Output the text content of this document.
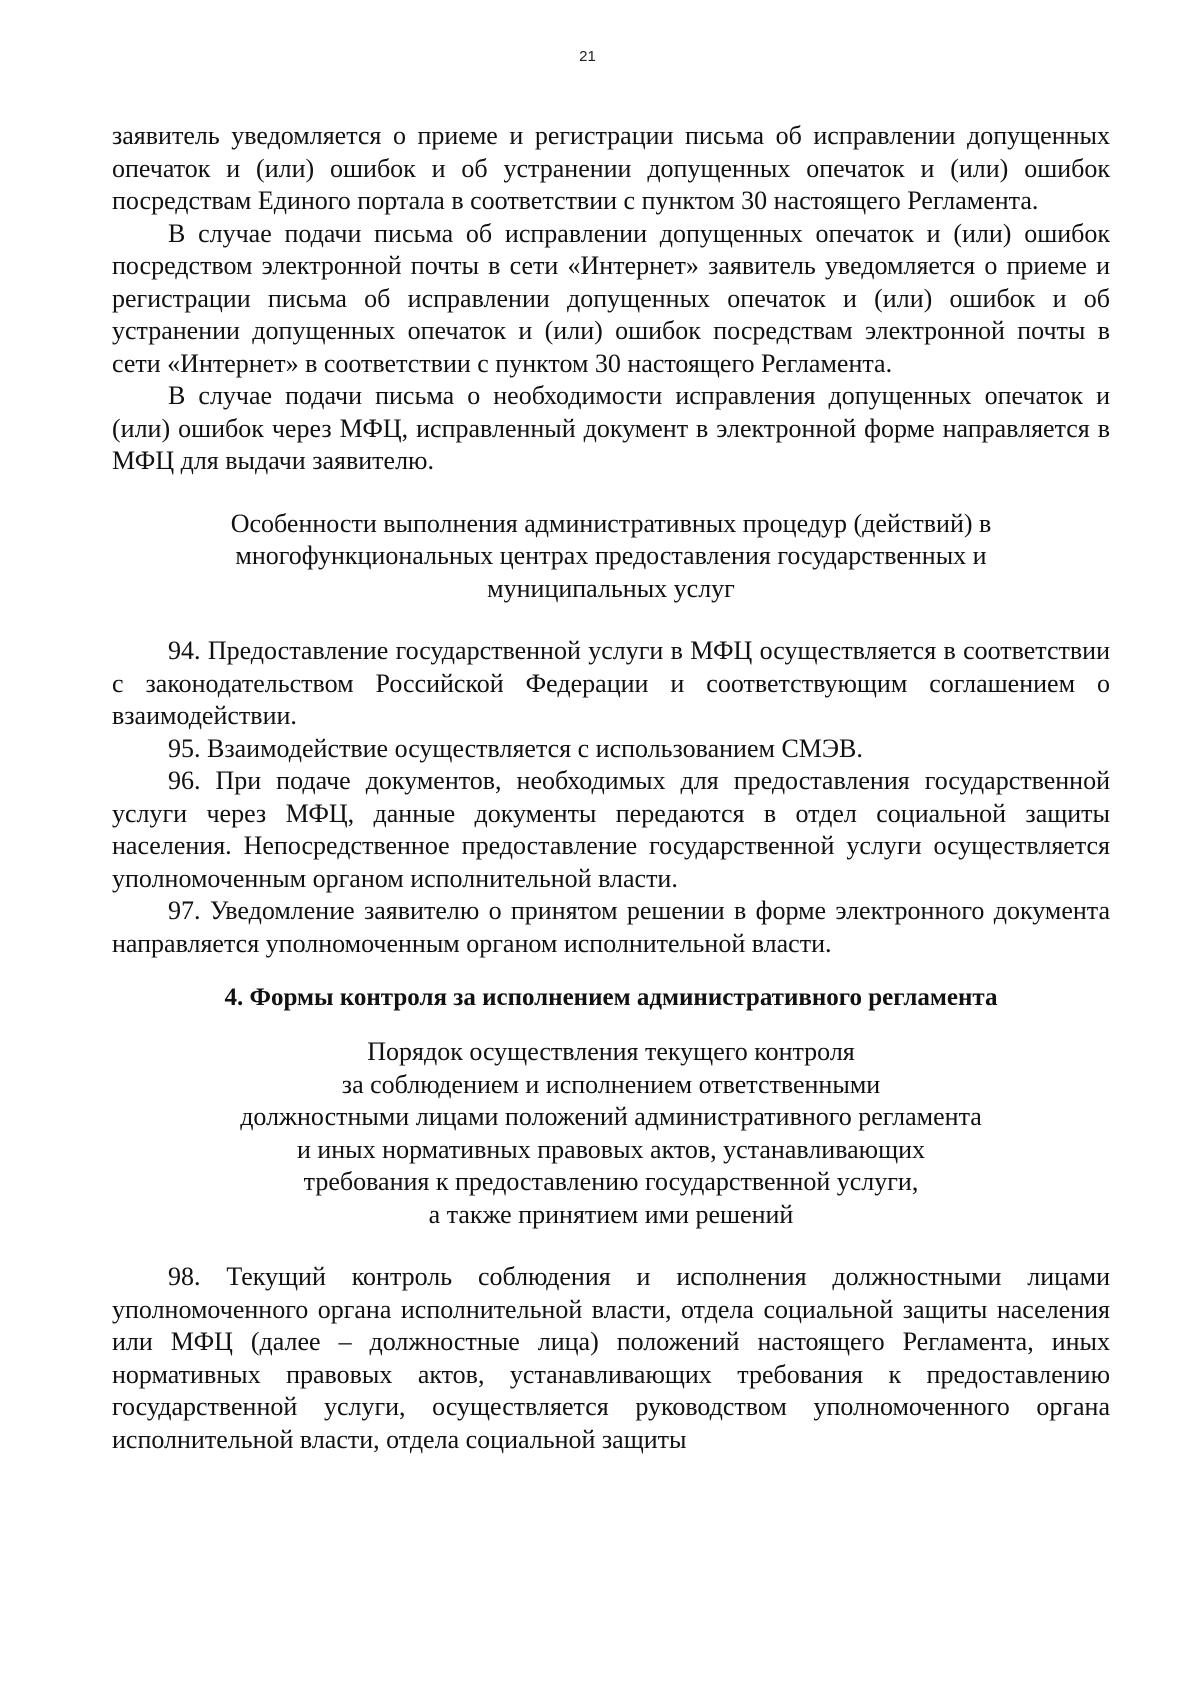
21

заявитель уведомляется о приеме и регистрации письма об исправлении допущенных опечаток и (или) ошибок и об устранении допущенных опечаток и (или) ошибок посредствам Единого портала в соответствии с пунктом 30 настоящего Регламента.

В случае подачи письма об исправлении допущенных опечаток и (или) ошибок посредством электронной почты в сети «Интернет» заявитель уведомляется о приеме и регистрации письма об исправлении допущенных опечаток и (или) ошибок и об устранении допущенных опечаток и (или) ошибок посредствам электронной почты в сети «Интернет» в соответствии с пунктом 30 настоящего Регламента.

В случае подачи письма о необходимости исправления допущенных опечаток и (или) ошибок через МФЦ, исправленный документ в электронной форме направляется в МФЦ для выдачи заявителю.

Особенности выполнения административных процедур (действий) в
многофункциональных центрах предоставления государственных и
муниципальных услуг

94. Предоставление государственной услуги в МФЦ осуществляется в соответствии с законодательством Российской Федерации и соответствующим соглашением о взаимодействии.

95. Взаимодействие осуществляется с использованием СМЭВ.

96. При подаче документов, необходимых для предоставления государственной услуги через МФЦ, данные документы передаются в отдел социальной защиты населения. Непосредственное предоставление государственной услуги осуществляется уполномоченным органом исполнительной власти.

97. Уведомление заявителю о принятом решении в форме электронного документа направляется уполномоченным органом исполнительной власти.

4. Формы контроля за исполнением административного регламента
Порядок осуществления текущего контроля
за соблюдением и исполнением ответственными
должностными лицами положений административного регламента
и иных нормативных правовых актов, устанавливающих
требования к предоставлению государственной услуги,
а также принятием ими решений

98. Текущий контроль соблюдения и исполнения должностными лицами уполномоченного органа исполнительной власти, отдела социальной защиты населения или МФЦ (далее – должностные лица) положений настоящего Регламента, иных нормативных правовых актов, устанавливающих требования к предоставлению государственной услуги, осуществляется руководством уполномоченного органа исполнительной власти, отдела социальной защиты
